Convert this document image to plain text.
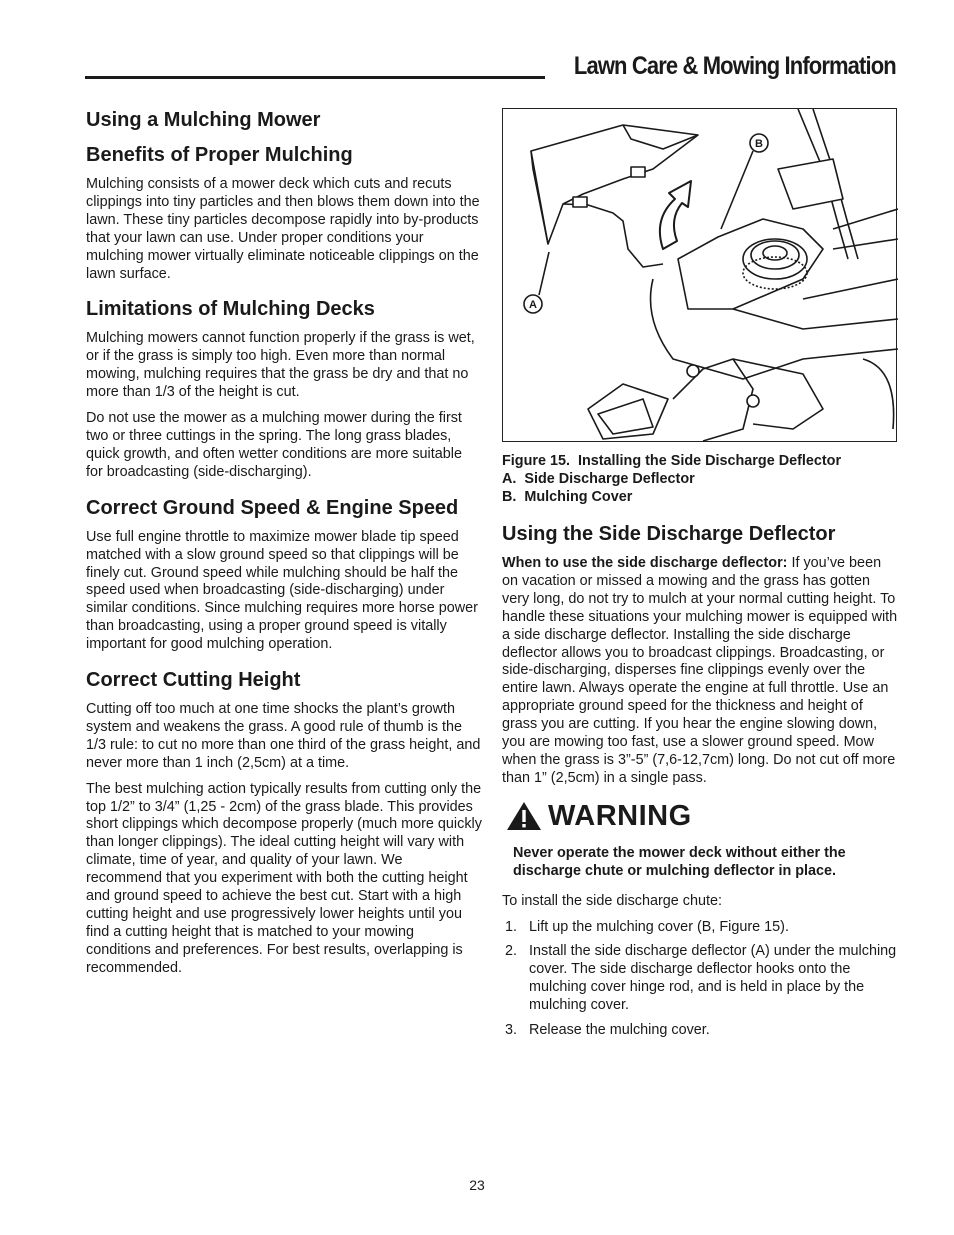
Lawn Care & Mowing Information
Using a Mulching Mower
Benefits of Proper Mulching

Mulching consists of a mower deck which cuts and recuts clippings into tiny particles and then blows them down into the lawn. These tiny particles decompose rapidly into by-products that your lawn can use. Under proper conditions your mulching mower virtually eliminate noticeable clippings on the lawn surface.

Limitations of Mulching Decks

Mulching mowers cannot function properly if the grass is wet, or if the grass is simply too high. Even more than normal mowing, mulching requires that the grass be dry and that no more than 1/3 of the height is cut.

Do not use the mower as a mulching mower during the first two or three cuttings in the spring. The long grass blades, quick growth, and often wetter conditions are more suitable for broadcasting (side-discharging).

Correct Ground Speed & Engine Speed

Use full engine throttle to maximize mower blade tip speed matched with a slow ground speed so that clippings will be finely cut. Ground speed while mulching should be half the speed used when broadcasting (side-discharging) under similar conditions. Since mulching requires more horse power than broadcasting, using a proper ground speed is vitally important for good mulching operation.

Correct Cutting Height

Cutting off too much at one time shocks the plant’s growth system and weakens the grass. A good rule of thumb is the 1/3 rule: to cut no more than one third of the grass height, and never more than 1 inch (2,5cm) at a time.

The best mulching action typically results from cutting only the top 1/2” to 3/4” (1,25 - 2cm) of the grass blade. This provides short clippings which decompose properly (much more quickly than longer clippings). The ideal cutting height will vary with climate, time of year, and quality of your lawn. We recommend that you experiment with both the cutting height and ground speed to achieve the best cut. Start with a high cutting height and use progressively lower heights until you find a cutting height that is matched to your mowing conditions and preferences. For best results, overlapping is recommended.

A
B
Figure 15.  Installing the Side Discharge Deflector
A.  Side Discharge Deflector
B.  Mulching Cover
Using the Side Discharge Deflector

When to use the side discharge deflector: If you’ve been on vacation or missed a mowing and the grass has gotten very long, do not try to mulch at your normal cutting height. To handle these situations your mulching mower is equipped with a side discharge deflector. Installing the side discharge deflector allows you to broadcast clippings. Broadcasting, or side-discharging, disperses fine clippings evenly over the entire lawn. Always operate the engine at full throttle. Use an appropriate ground speed for the thickness and height of grass you are cutting. If you hear the engine slowing down, you are mowing too fast, use a slower ground speed. Mow when the grass is 3”-5” (7,6-12,7cm) long. Do not cut off more than 1” (2,5cm) in a single pass.

WARNING
Never operate the mower deck without either the discharge chute or mulching deflector in place.

To install the side discharge chute:

1. Lift up the mulching cover (B, Figure 15).
2. Install the side discharge deflector (A) under the mulching cover. The side discharge deflector hooks onto the mulching cover hinge rod, and is held in place by the mulching cover.
3. Release the mulching cover.
23
